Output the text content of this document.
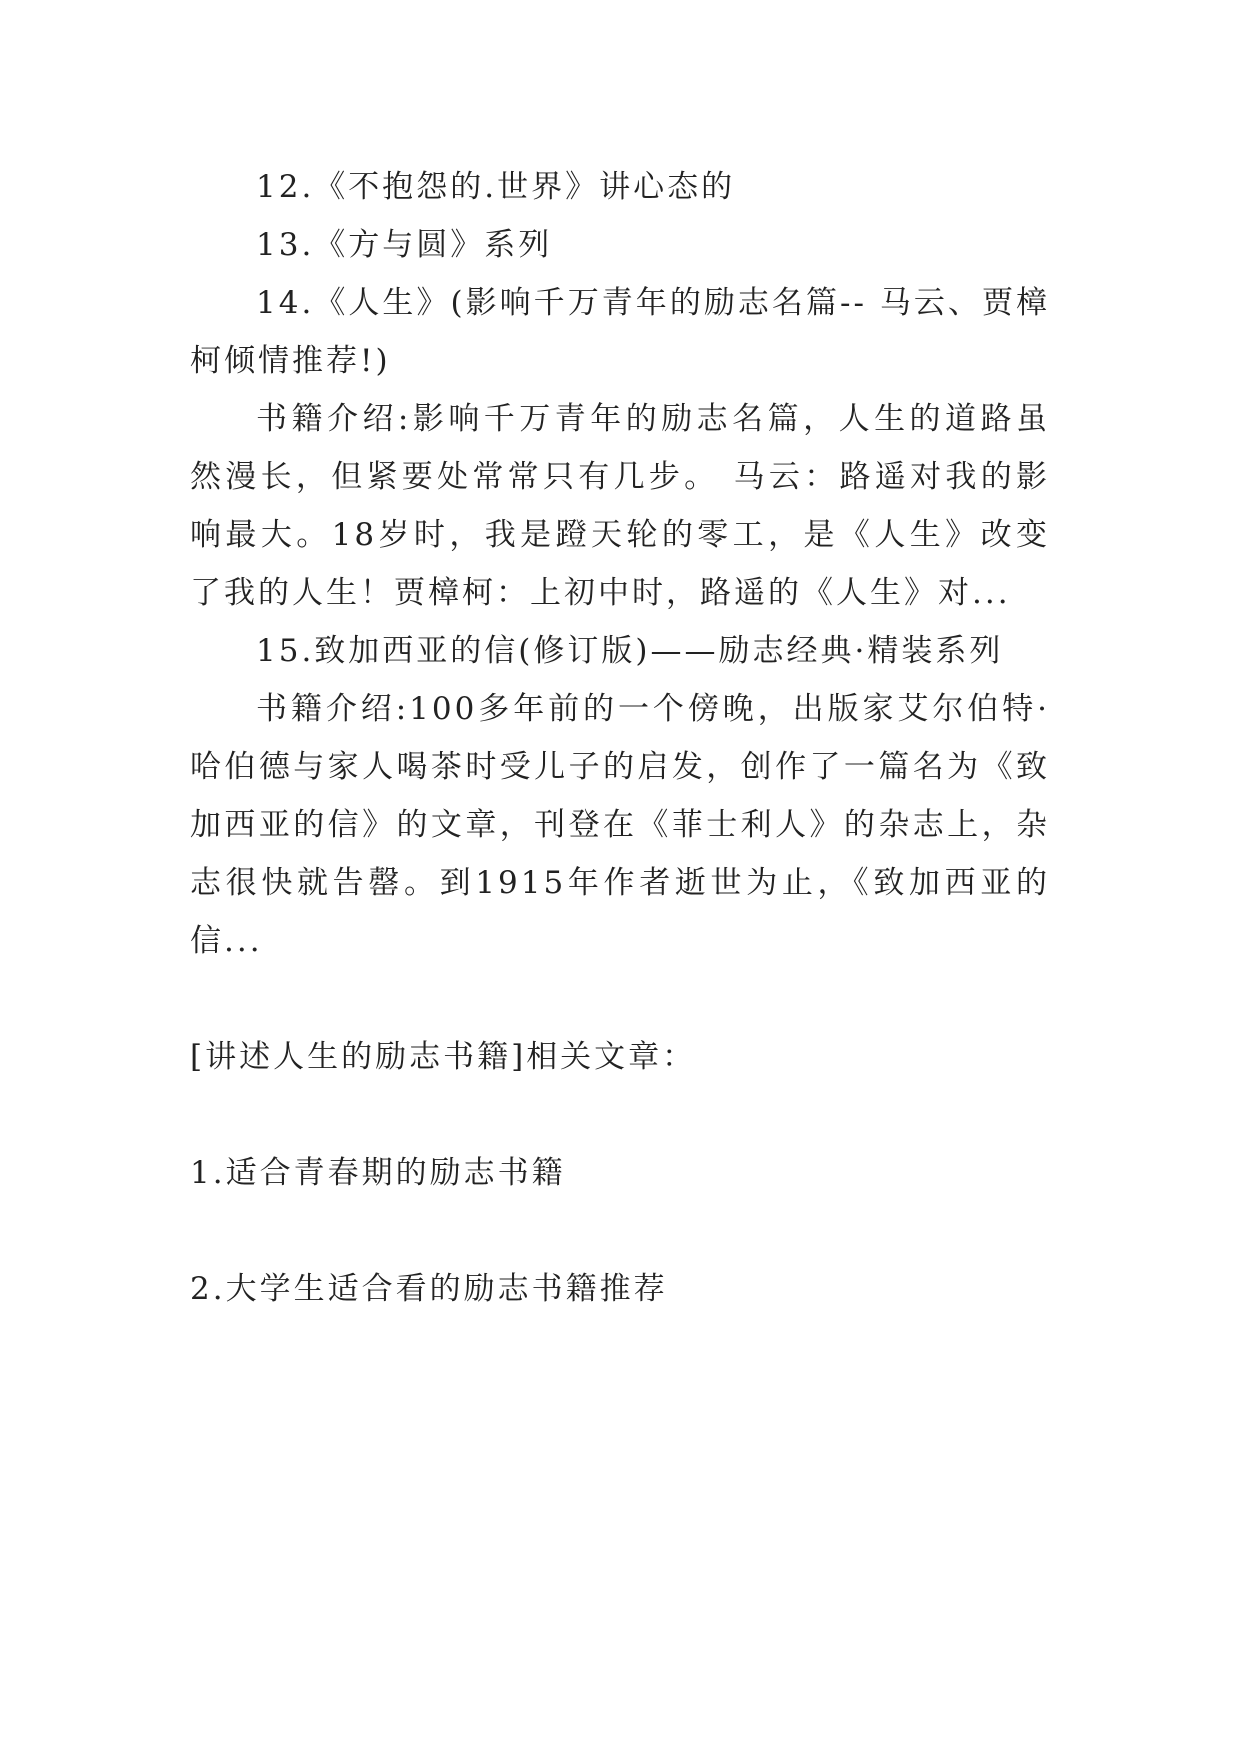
12.《不抱怨的.世界》讲心态的

13.《方与圆》系列

14.《人生》(影响千万青年的励志名篇-- 马云、贾樟柯倾情推荐!)

书籍介绍:影响千万青年的励志名篇，人生的道路虽然漫长，但紧要处常常只有几步。 马云：路遥对我的影响最大。18岁时，我是蹬天轮的零工，是《人生》改变了我的人生！贾樟柯：上初中时，路遥的《人生》对...

15.致加西亚的信(修订版)——励志经典·精装系列

书籍介绍:100多年前的一个傍晚，出版家艾尔伯特·哈伯德与家人喝茶时受儿子的启发，创作了一篇名为《致加西亚的信》的文章，刊登在《菲士利人》的杂志上，杂志很快就告罄。到1915年作者逝世为止，《致加西亚的信...

[讲述人生的励志书籍]相关文章：

1.适合青春期的励志书籍

2.大学生适合看的励志书籍推荐
